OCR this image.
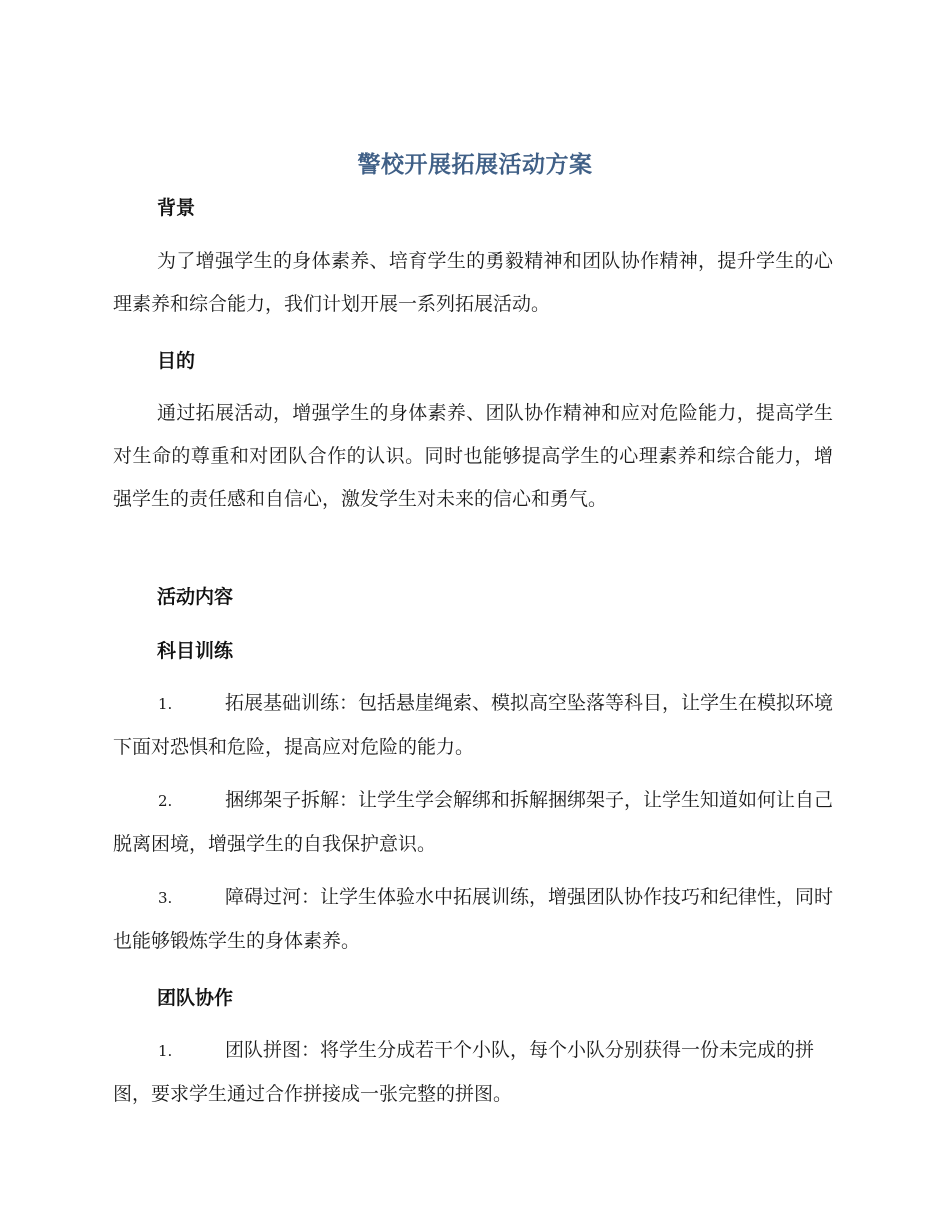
警校开展拓展活动方案
背景
为了增强学生的身体素养、培育学生的勇毅精神和团队协作精神，提升学生的心理素养和综合能力，我们计划开展一系列拓展活动。
目的
通过拓展活动，增强学生的身体素养、团队协作精神和应对危险能力，提高学生对生命的尊重和对团队合作的认识。同时也能够提高学生的心理素养和综合能力，增强学生的责任感和自信心，激发学生对未来的信心和勇气。
活动内容
科目训练
1.	拓展基础训练：包括悬崖绳索、模拟高空坠落等科目，让学生在模拟环境下面对恐惧和危险，提高应对危险的能力。
2.	捆绑架子拆解：让学生学会解绑和拆解捆绑架子，让学生知道如何让自己脱离困境，增强学生的自我保护意识。
3.	障碍过河：让学生体验水中拓展训练，增强团队协作技巧和纪律性，同时也能够锻炼学生的身体素养。
团队协作
1.	团队拼图：将学生分成若干个小队，每个小队分别获得一份未完成的拼图，要求学生通过合作拼接成一张完整的拼图。
